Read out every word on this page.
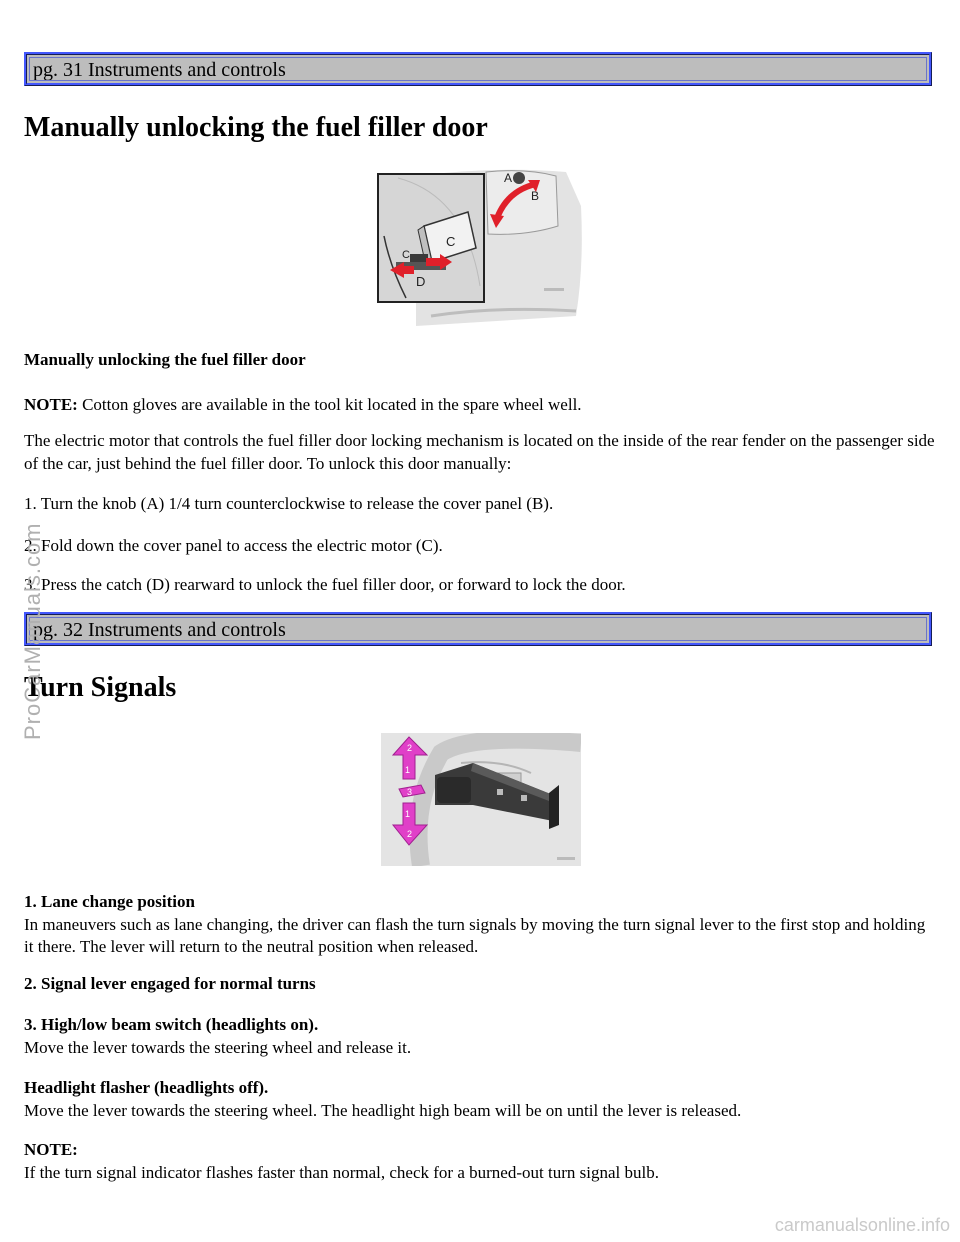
pg. 31 Instruments and controls
Manually unlocking the fuel filler door
A
B
C
C
D

Manually unlocking the fuel filler door

NOTE: Cotton gloves are available in the tool kit located in the spare wheel well.

The electric motor that controls the fuel filler door locking mechanism is located on the inside of the rear fender on the passenger side of the car, just behind the fuel filler door. To unlock this door manually:

1. Turn the knob (A) 1/4 turn counterclockwise to release the cover panel (B).

2. Fold down the cover panel to access the electric motor (C).

3. Press the catch (D) rearward to unlock the fuel filler door, or forward to lock the door.

pg. 32 Instruments and controls
Turn Signals
1
2
3
1
2

1. Lane change position
In maneuvers such as lane changing, the driver can flash the turn signals by moving the turn signal lever to the first stop and holding it there. The lever will return to the neutral position when released.

2. Signal lever engaged for normal turns

3. High/low beam switch (headlights on).
Move the lever towards the steering wheel and release it.

Headlight flasher (headlights off).
Move the lever towards the steering wheel. The headlight high beam will be on until the lever is released.

NOTE:
If the turn signal indicator flashes faster than normal, check for a burned-out turn signal bulb.

ProCarManuals.com
carmanualsonline.info
